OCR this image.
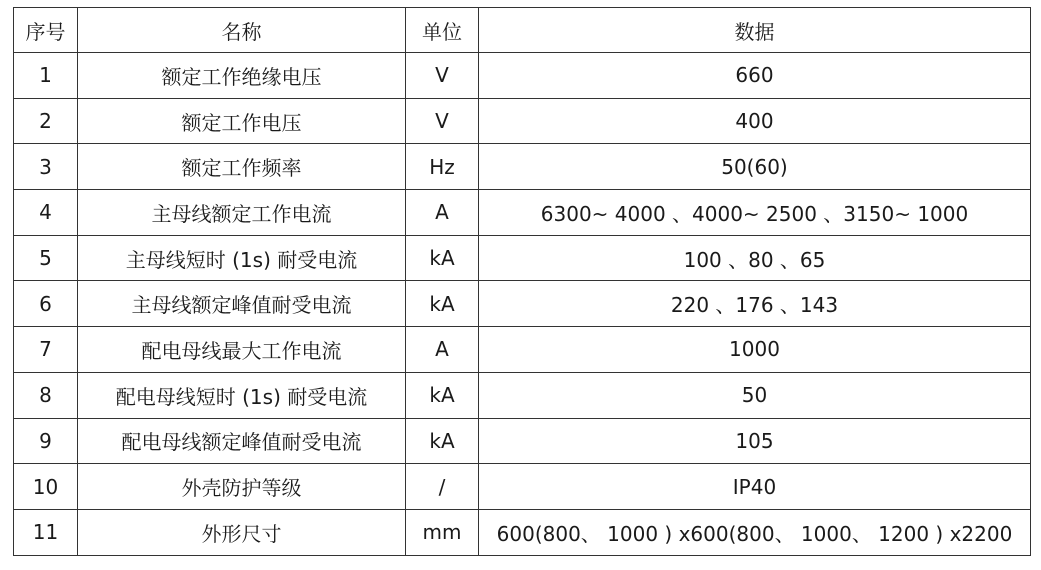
序号	名称	单位	数据
1	额定工作绝缘电压	V	660
2	额定工作电压	V	400
3	额定工作频率	Hz	50(60)
4	主母线额定工作电流	A	6300~ 4000 、4000~ 2500 、3150~ 1000
5	主母线短时 (1s) 耐受电流	kA	100 、80 、65
6	主母线额定峰值耐受电流	kA	220 、176 、143
7	配电母线最大工作电流	A	1000
8	配电母线短时 (1s) 耐受电流	kA	50
9	配电母线额定峰值耐受电流	kA	105
10	外壳防护等级	/	IP40
11	外形尺寸	mm	600(800、 1000 ) x600(800、 1000、 1200 ) x2200
